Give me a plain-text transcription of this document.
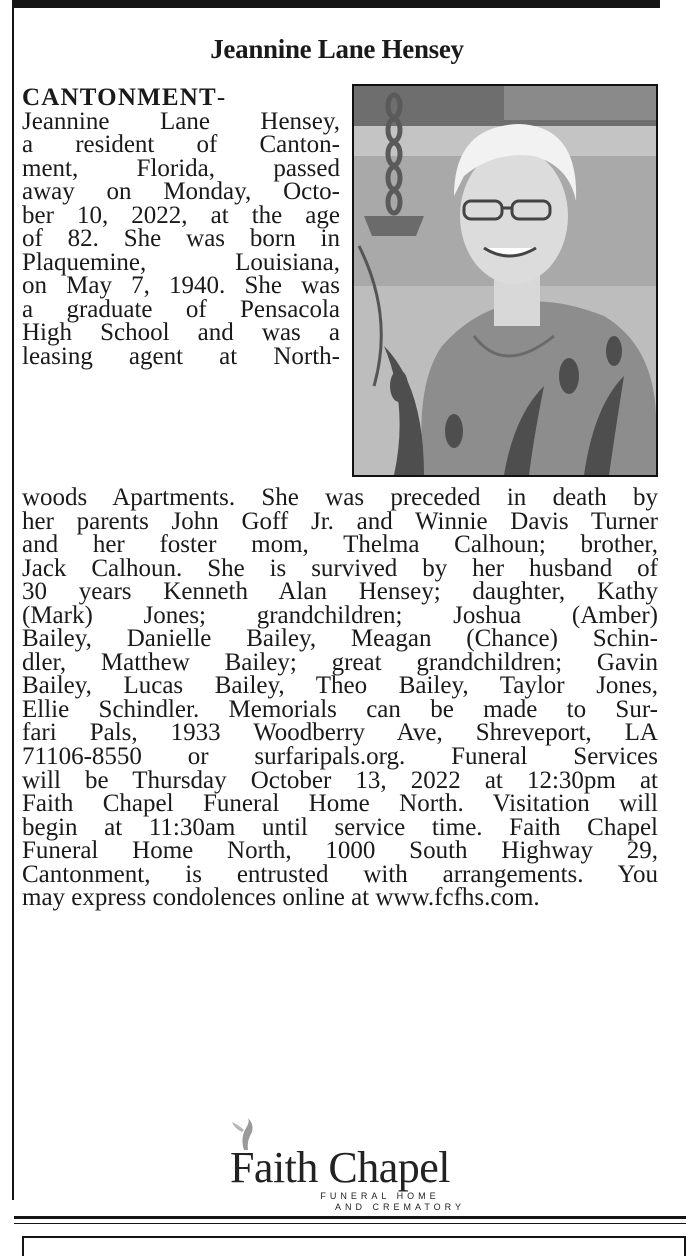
Jeannine Lane Hensey
CANTONMENT-
Jeannine Lane Hensey,
a resident of Canton-
ment, Florida, passed
away on Monday, Octo-
ber 10, 2022, at the age
of 82. She was born in
Plaquemine, Louisiana,
on May 7, 1940. She was
a graduate of Pensacola
High School and was a
leasing agent at North-
woods Apartments. She was preceded in death by
her parents John Goff Jr. and Winnie Davis Turner
and her foster mom, Thelma Calhoun; brother,
Jack Calhoun. She is survived by her husband of
30 years Kenneth Alan Hensey; daughter, Kathy
(Mark) Jones; grandchildren; Joshua (Amber)
Bailey, Danielle Bailey, Meagan (Chance) Schin-
dler, Matthew Bailey; great grandchildren; Gavin
Bailey, Lucas Bailey, Theo Bailey, Taylor Jones,
Ellie Schindler. Memorials can be made to Sur-
fari Pals, 1933 Woodberry Ave, Shreveport, LA
71106-8550 or surfaripals.org. Funeral Services
will be Thursday October 13, 2022 at 12:30pm at
Faith Chapel Funeral Home North. Visitation will
begin at 11:30am until service time. Faith Chapel
Funeral Home North, 1000 South Highway 29,
Cantonment, is entrusted with arrangements. You
may express condolences online at www.fcfhs.com.
Faith Chapel
FUNERAL HOME
AND CREMATORY
